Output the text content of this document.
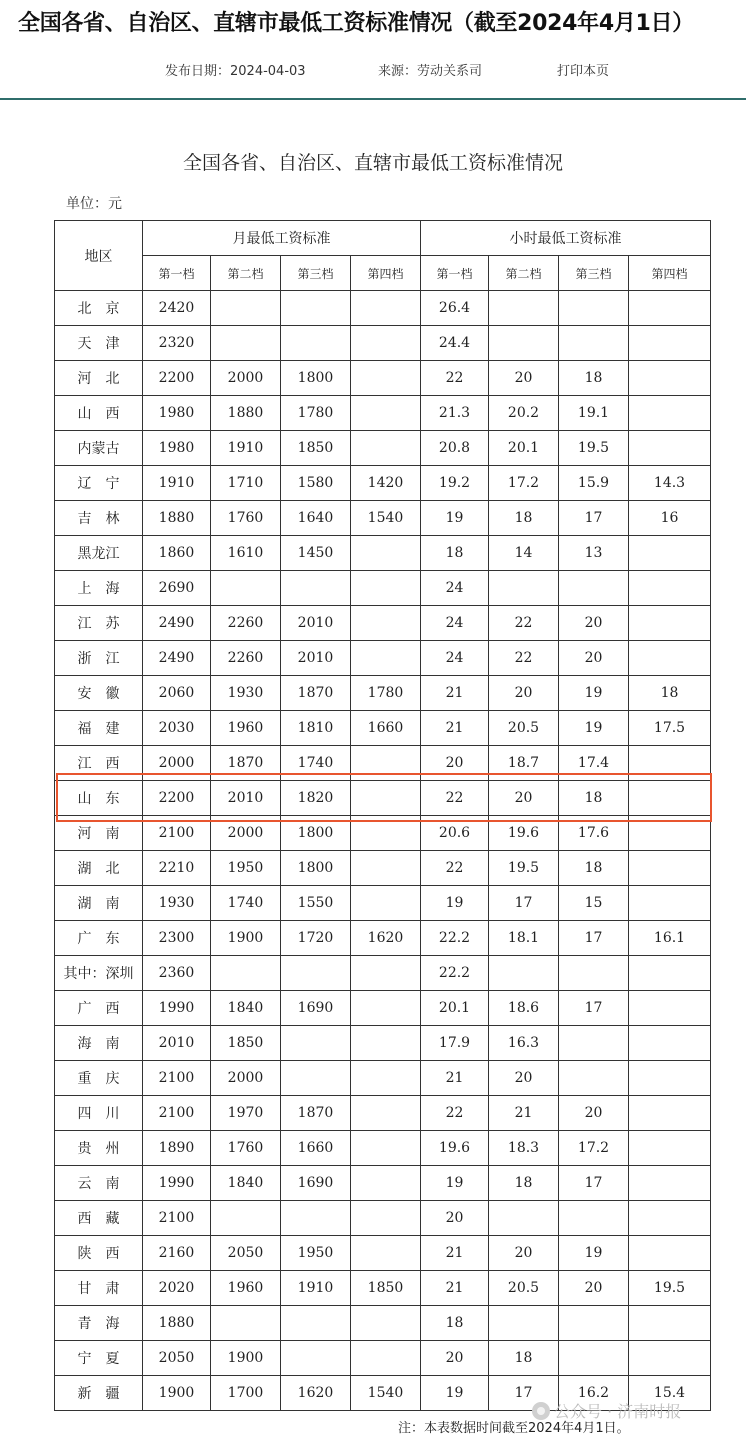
全国各省、自治区、直辖市最低工资标准情况（截至2024年4月1日）
发布日期：2024-04-03	来源：劳动关系司	打印本页
全国各省、自治区、直辖市最低工资标准情况
单位：元
地区	月最低工资标准				小时最低工资标准			
	第一档	第二档	第三档	第四档	第一档	第二档	第三档	第四档
北　京	2420				26.4			
天　津	2320				24.4			
河　北	2200	2000	1800		22	20	18	
山　西	1980	1880	1780		21.3	20.2	19.1	
内蒙古	1980	1910	1850		20.8	20.1	19.5	
辽　宁	1910	1710	1580	1420	19.2	17.2	15.9	14.3
吉　林	1880	1760	1640	1540	19	18	17	16
黑龙江	1860	1610	1450		18	14	13	
上　海	2690				24			
江　苏	2490	2260	2010		24	22	20	
浙　江	2490	2260	2010		24	22	20	
安　徽	2060	1930	1870	1780	21	20	19	18
福　建	2030	1960	1810	1660	21	20.5	19	17.5
江　西	2000	1870	1740		20	18.7	17.4	
山　东	2200	2010	1820		22	20	18	
河　南	2100	2000	1800		20.6	19.6	17.6	
湖　北	2210	1950	1800		22	19.5	18	
湖　南	1930	1740	1550		19	17	15	
广　东	2300	1900	1720	1620	22.2	18.1	17	16.1
其中：深圳	2360				22.2			
广　西	1990	1840	1690		20.1	18.6	17	
海　南	2010	1850			17.9	16.3		
重　庆	2100	2000			21	20		
四　川	2100	1970	1870		22	21	20	
贵　州	1890	1760	1660		19.6	18.3	17.2	
云　南	1990	1840	1690		19	18	17	
西　藏	2100				20			
陕　西	2160	2050	1950		21	20	19	
甘　肃	2020	1960	1910	1850	21	20.5	20	19.5
青　海	1880				18			
宁　夏	2050	1900			20	18		
新　疆	1900	1700	1620	1540	19	17	16.2	15.4
公众号 · 济南时报
注：本表数据时间截至2024年4月1日。
